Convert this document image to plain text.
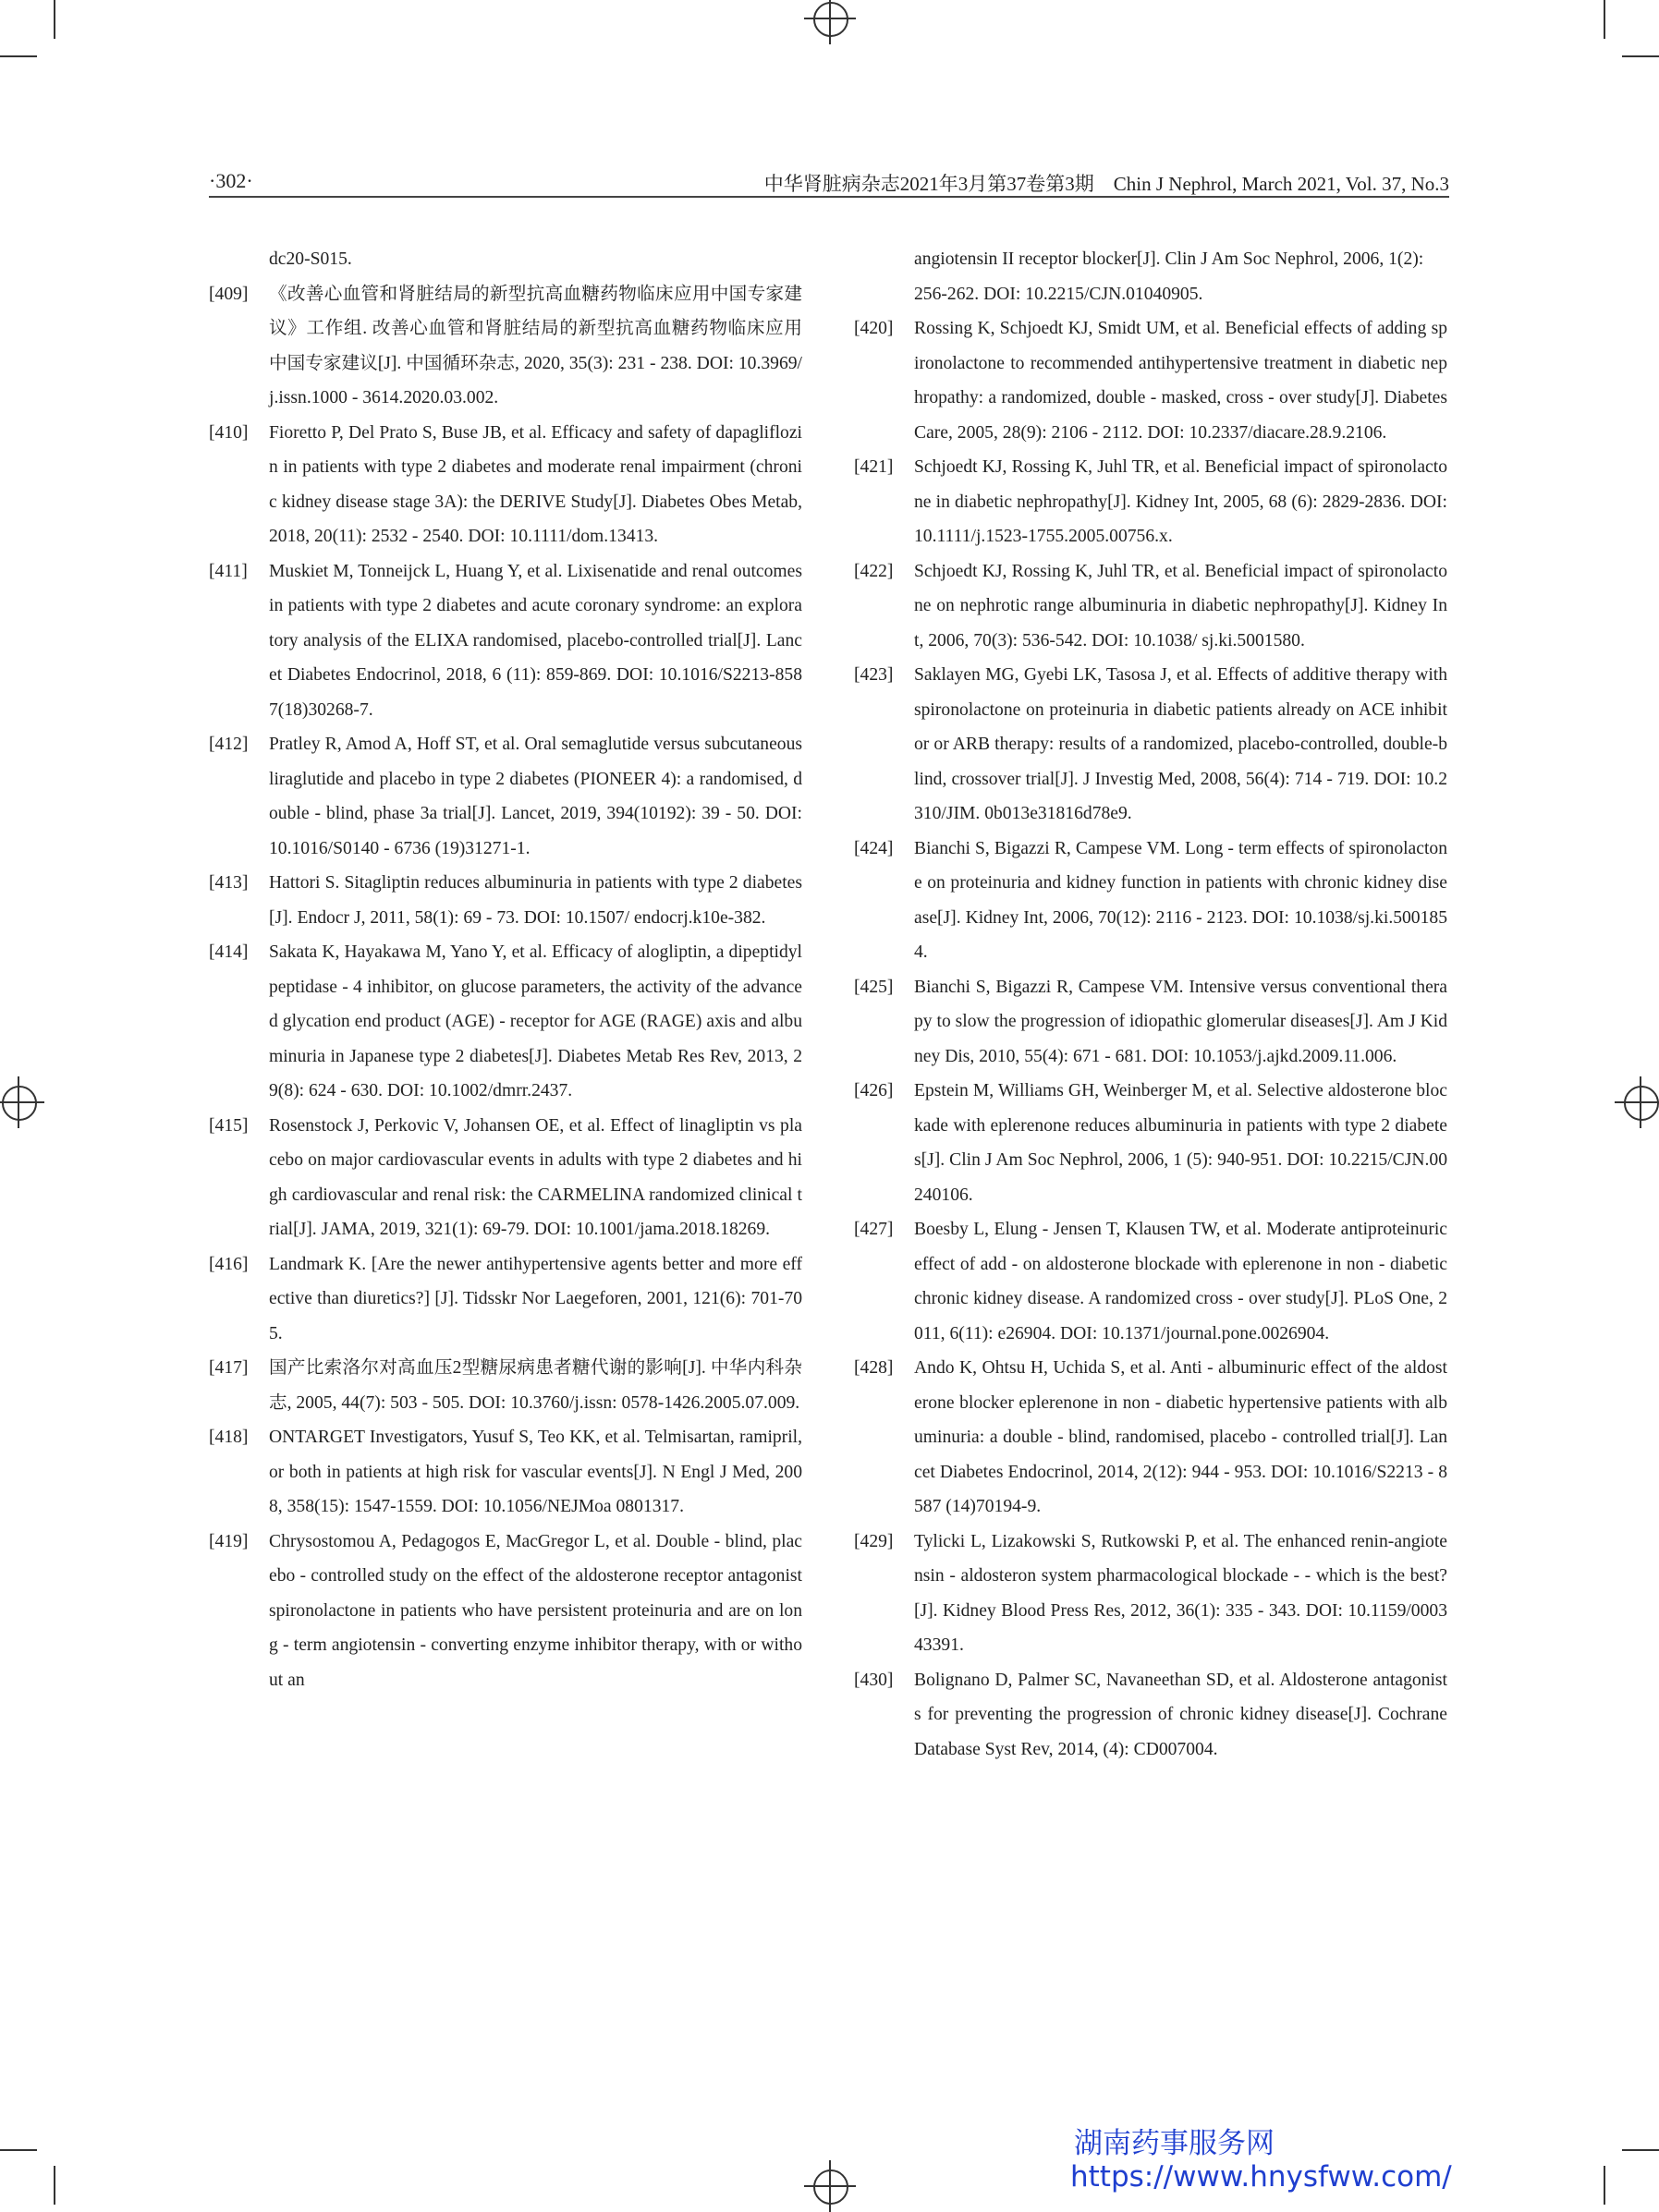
·302·	中华肾脏病杂志2021年3月第37卷第3期　Chin J Nephrol, March 2021, Vol. 37, No.3
dc20-S015.
[409] 《改善心血管和肾脏结局的新型抗高血糖药物临床应用中国专家建议》工作组. 改善心血管和肾脏结局的新型抗高血糖药物临床应用中国专家建议[J]. 中国循环杂志, 2020, 35(3): 231 - 238. DOI: 10.3969/j.issn.1000 - 3614.2020.03.002.
[410] Fioretto P, Del Prato S, Buse JB, et al. Efficacy and safety of dapagliflozin in patients with type 2 diabetes and moderate renal impairment (chronic kidney disease stage 3A): the DERIVE Study[J]. Diabetes Obes Metab, 2018, 20(11): 2532 - 2540. DOI: 10.1111/dom.13413.
[411] Muskiet M, Tonneijck L, Huang Y, et al. Lixisenatide and renal outcomes in patients with type 2 diabetes and acute coronary syndrome: an exploratory analysis of the ELIXA randomised, placebo-controlled trial[J]. Lancet Diabetes Endocrinol, 2018, 6 (11): 859-869. DOI: 10.1016/S2213-8587(18)30268-7.
[412] Pratley R, Amod A, Hoff ST, et al. Oral semaglutide versus subcutaneous liraglutide and placebo in type 2 diabetes (PIONEER 4): a randomised, double - blind, phase 3a trial[J]. Lancet, 2019, 394(10192): 39 - 50. DOI: 10.1016/S0140 - 6736 (19)31271-1.
[413] Hattori S. Sitagliptin reduces albuminuria in patients with type 2 diabetes[J]. Endocr J, 2011, 58(1): 69 - 73. DOI: 10.1507/ endocrj.k10e-382.
[414] Sakata K, Hayakawa M, Yano Y, et al. Efficacy of alogliptin, a dipeptidyl peptidase - 4 inhibitor, on glucose parameters, the activity of the advanced glycation end product (AGE) - receptor for AGE (RAGE) axis and albuminuria in Japanese type 2 diabetes[J]. Diabetes Metab Res Rev, 2013, 29(8): 624 - 630. DOI: 10.1002/dmrr.2437.
[415] Rosenstock J, Perkovic V, Johansen OE, et al. Effect of linagliptin vs placebo on major cardiovascular events in adults with type 2 diabetes and high cardiovascular and renal risk: the CARMELINA randomized clinical trial[J]. JAMA, 2019, 321(1): 69-79. DOI: 10.1001/jama.2018.18269.
[416] Landmark K. [Are the newer antihypertensive agents better and more effective than diuretics?] [J]. Tidsskr Nor Laegeforen, 2001, 121(6): 701-705.
[417] 国产比索洛尔对高血压2型糖尿病患者糖代谢的影响[J]. 中华内科杂志, 2005, 44(7): 503 - 505. DOI: 10.3760/j.issn: 0578-1426.2005.07.009.
[418] ONTARGET Investigators, Yusuf S, Teo KK, et al. Telmisartan, ramipril, or both in patients at high risk for vascular events[J]. N Engl J Med, 2008, 358(15): 1547-1559. DOI: 10.1056/NEJMoa 0801317.
[419] Chrysostomou A, Pedagogos E, MacGregor L, et al. Double - blind, placebo - controlled study on the effect of the aldosterone receptor antagonist spironolactone in patients who have persistent proteinuria and are on long - term angiotensin - converting enzyme inhibitor therapy, with or without an
angiotensin II receptor blocker[J]. Clin J Am Soc Nephrol, 2006, 1(2): 256-262. DOI: 10.2215/CJN.01040905.
[420] Rossing K, Schjoedt KJ, Smidt UM, et al. Beneficial effects of adding spironolactone to recommended antihypertensive treatment in diabetic nephropathy: a randomized, double - masked, cross - over study[J]. Diabetes Care, 2005, 28(9): 2106 - 2112. DOI: 10.2337/diacare.28.9.2106.
[421] Schjoedt KJ, Rossing K, Juhl TR, et al. Beneficial impact of spironolactone in diabetic nephropathy[J]. Kidney Int, 2005, 68 (6): 2829-2836. DOI: 10.1111/j.1523-1755.2005.00756.x.
[422] Schjoedt KJ, Rossing K, Juhl TR, et al. Beneficial impact of spironolactone on nephrotic range albuminuria in diabetic nephropathy[J]. Kidney Int, 2006, 70(3): 536-542. DOI: 10.1038/ sj.ki.5001580.
[423] Saklayen MG, Gyebi LK, Tasosa J, et al. Effects of additive therapy with spironolactone on proteinuria in diabetic patients already on ACE inhibitor or ARB therapy: results of a randomized, placebo-controlled, double-blind, crossover trial[J]. J Investig Med, 2008, 56(4): 714 - 719. DOI: 10.2310/JIM. 0b013e31816d78e9.
[424] Bianchi S, Bigazzi R, Campese VM. Long - term effects of spironolactone on proteinuria and kidney function in patients with chronic kidney disease[J]. Kidney Int, 2006, 70(12): 2116 - 2123. DOI: 10.1038/sj.ki.5001854.
[425] Bianchi S, Bigazzi R, Campese VM. Intensive versus conventional therapy to slow the progression of idiopathic glomerular diseases[J]. Am J Kidney Dis, 2010, 55(4): 671 - 681. DOI: 10.1053/j.ajkd.2009.11.006.
[426] Epstein M, Williams GH, Weinberger M, et al. Selective aldosterone blockade with eplerenone reduces albuminuria in patients with type 2 diabetes[J]. Clin J Am Soc Nephrol, 2006, 1 (5): 940-951. DOI: 10.2215/CJN.00240106.
[427] Boesby L, Elung - Jensen T, Klausen TW, et al. Moderate antiproteinuric effect of add - on aldosterone blockade with eplerenone in non - diabetic chronic kidney disease. A randomized cross - over study[J]. PLoS One, 2011, 6(11): e26904. DOI: 10.1371/journal.pone.0026904.
[428] Ando K, Ohtsu H, Uchida S, et al. Anti - albuminuric effect of the aldosterone blocker eplerenone in non - diabetic hypertensive patients with albuminuria: a double - blind, randomised, placebo - controlled trial[J]. Lancet Diabetes Endocrinol, 2014, 2(12): 944 - 953. DOI: 10.1016/S2213 - 8587 (14)70194-9.
[429] Tylicki L, Lizakowski S, Rutkowski P, et al. The enhanced renin-angiotensin - aldosteron system pharmacological blockade - - which is the best?[J]. Kidney Blood Press Res, 2012, 36(1): 335 - 343. DOI: 10.1159/000343391.
[430] Bolignano D, Palmer SC, Navaneethan SD, et al. Aldosterone antagonists for preventing the progression of chronic kidney disease[J]. Cochrane Database Syst Rev, 2014, (4): CD007004.
湖南药事服务网
https://www.hnysfww.com/
